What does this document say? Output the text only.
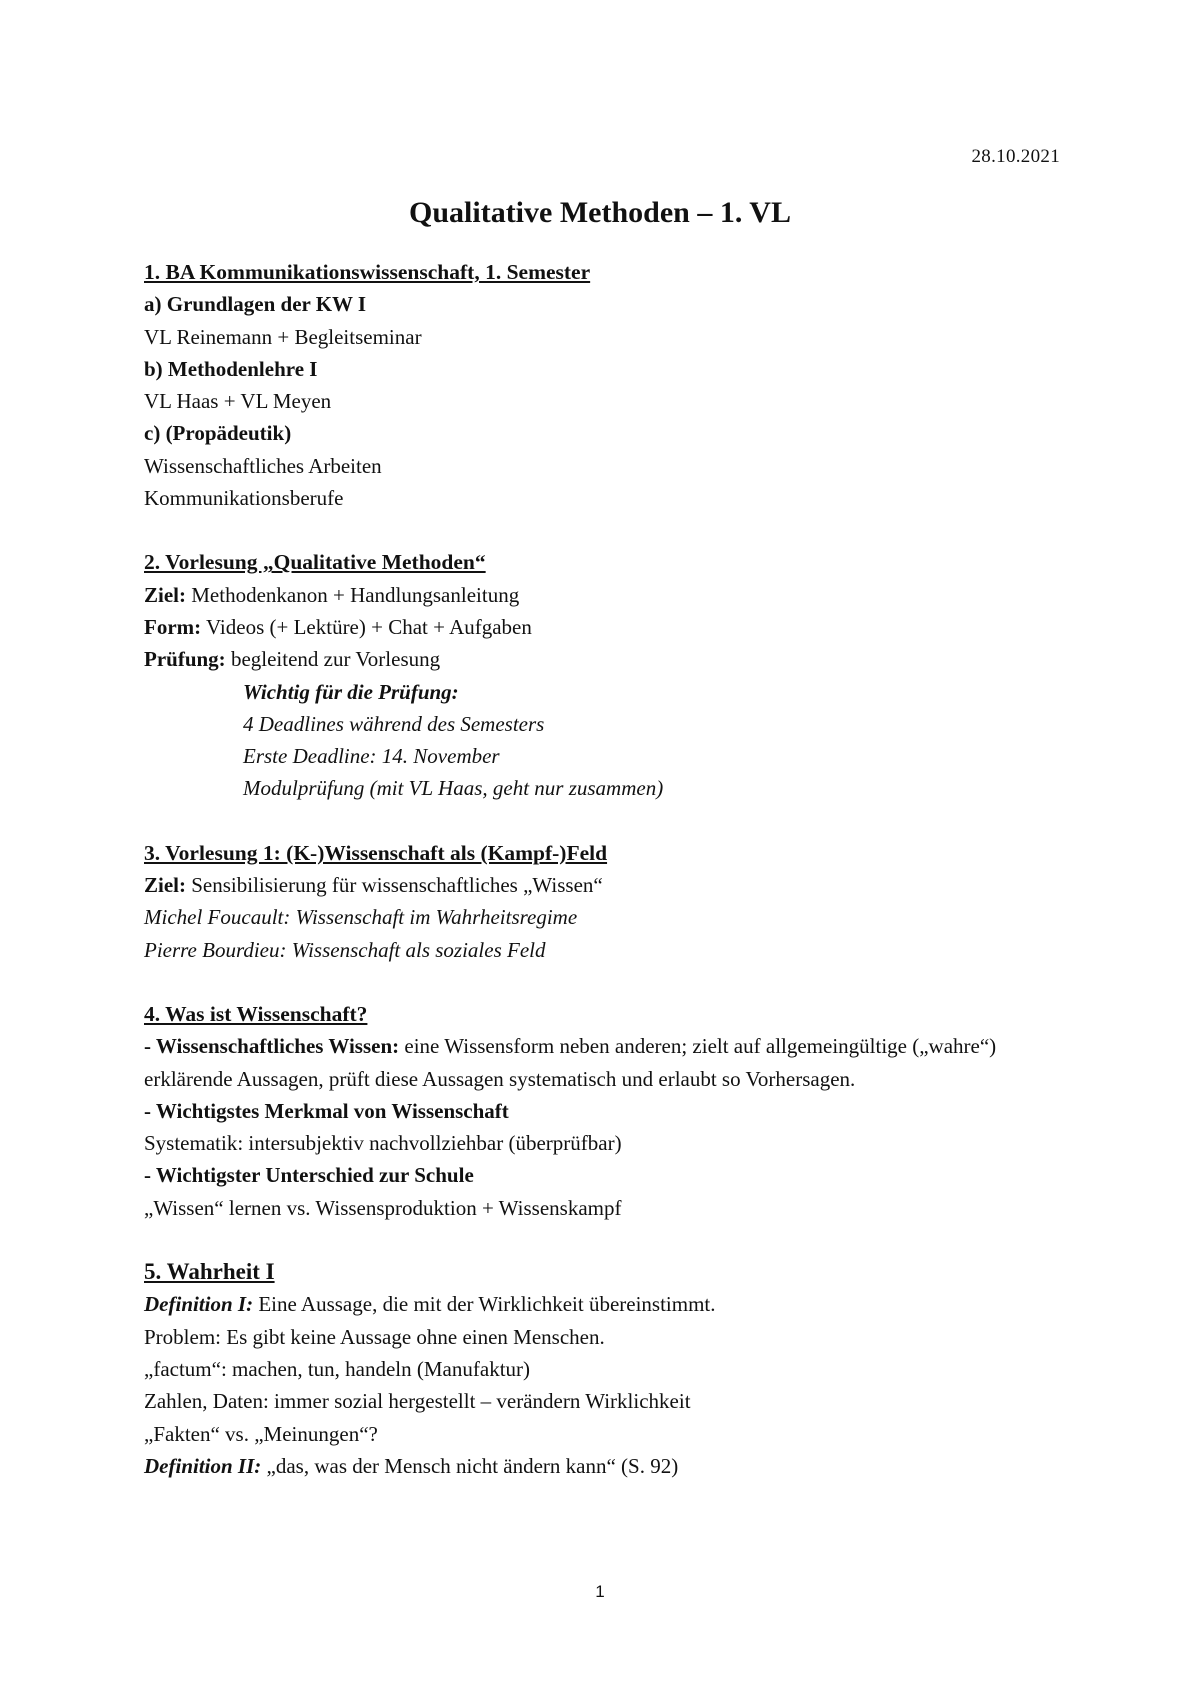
28.10.2021
Qualitative Methoden – 1. VL
1. BA Kommunikationswissenschaft, 1. Semester
a) Grundlagen der KW I
VL Reinemann + Begleitseminar
b) Methodenlehre I
VL Haas + VL Meyen
c) (Propädeutik)
Wissenschaftliches Arbeiten
Kommunikationsberufe
2. Vorlesung „Qualitative Methoden“
Ziel: Methodenkanon + Handlungsanleitung
Form: Videos (+ Lektüre) + Chat + Aufgaben
Prüfung: begleitend zur Vorlesung
Wichtig für die Prüfung:
4 Deadlines während des Semesters
Erste Deadline: 14. November
Modulprüfung (mit VL Haas, geht nur zusammen)
3. Vorlesung 1: (K-)Wissenschaft als (Kampf-)Feld
Ziel: Sensibilisierung für wissenschaftliches „Wissen“
Michel Foucault: Wissenschaft im Wahrheitsregime
Pierre Bourdieu: Wissenschaft als soziales Feld
4. Was ist Wissenschaft?
- Wissenschaftliches Wissen: eine Wissensform neben anderen; zielt auf allgemeingültige („wahre“) erklärende Aussagen, prüft diese Aussagen systematisch und erlaubt so Vorhersagen.
- Wichtigstes Merkmal von Wissenschaft
Systematik: intersubjektiv nachvollziehbar (überprüfbar)
- Wichtigster Unterschied zur Schule
„Wissen“ lernen vs. Wissensproduktion + Wissenskampf
5. Wahrheit I
Definition I: Eine Aussage, die mit der Wirklichkeit übereinstimmt.
Problem: Es gibt keine Aussage ohne einen Menschen.
„factum“: machen, tun, handeln (Manufaktur)
Zahlen, Daten: immer sozial hergestellt – verändern Wirklichkeit
„Fakten“ vs. „Meinungen“?
Definition II: „das, was der Mensch nicht ändern kann“ (S. 92)
1
